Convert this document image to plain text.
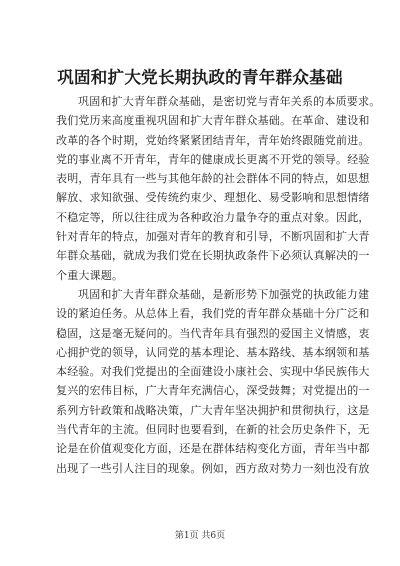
巩固和扩大党长期执政的青年群众基础
巩固和扩大青年群众基础，是密切党与青年关系的本质要求。
我们党历来高度重视巩固和扩大青年群众基础。在革命、建设和
改革的各个时期，党始终紧紧团结青年，青年始终跟随党前进。
党的事业离不开青年，青年的健康成长更离不开党的领导。经验
表明，青年具有一些与其他年龄的社会群体不同的特点，如思想
解放、求知欲强、受传统约束少、理想化、易受影响和思想情绪
不稳定等，所以往往成为各种政治力量争夺的重点对象。因此，
针对青年的特点，加强对青年的教育和引导，不断巩固和扩大青
年群众基础，就成为我们党在长期执政条件下必须认真解决的一
个重大课题。
巩固和扩大青年群众基础，是新形势下加强党的执政能力建
设的紧迫任务。从总体上看，我们党的青年群众基础十分广泛和
稳固，这是毫无疑问的。当代青年具有强烈的爱国主义情感，衷
心拥护党的领导，认同党的基本理论、基本路线、基本纲领和基
本经验。对我们党提出的全面建设小康社会、实现中华民族伟大
复兴的宏伟目标，广大青年充满信心，深受鼓舞；对党提出的一
系列方针政策和战略决策，广大青年坚决拥护和贯彻执行，这是
当代青年的主流。但同时也要看到，在新的社会历史条件下，无
论是在价值观变化方面，还是在群体结构变化方面，青年当中都
出现了一些引人注目的现象。例如，西方敌对势力一刻也没有放
第1页 共6页
